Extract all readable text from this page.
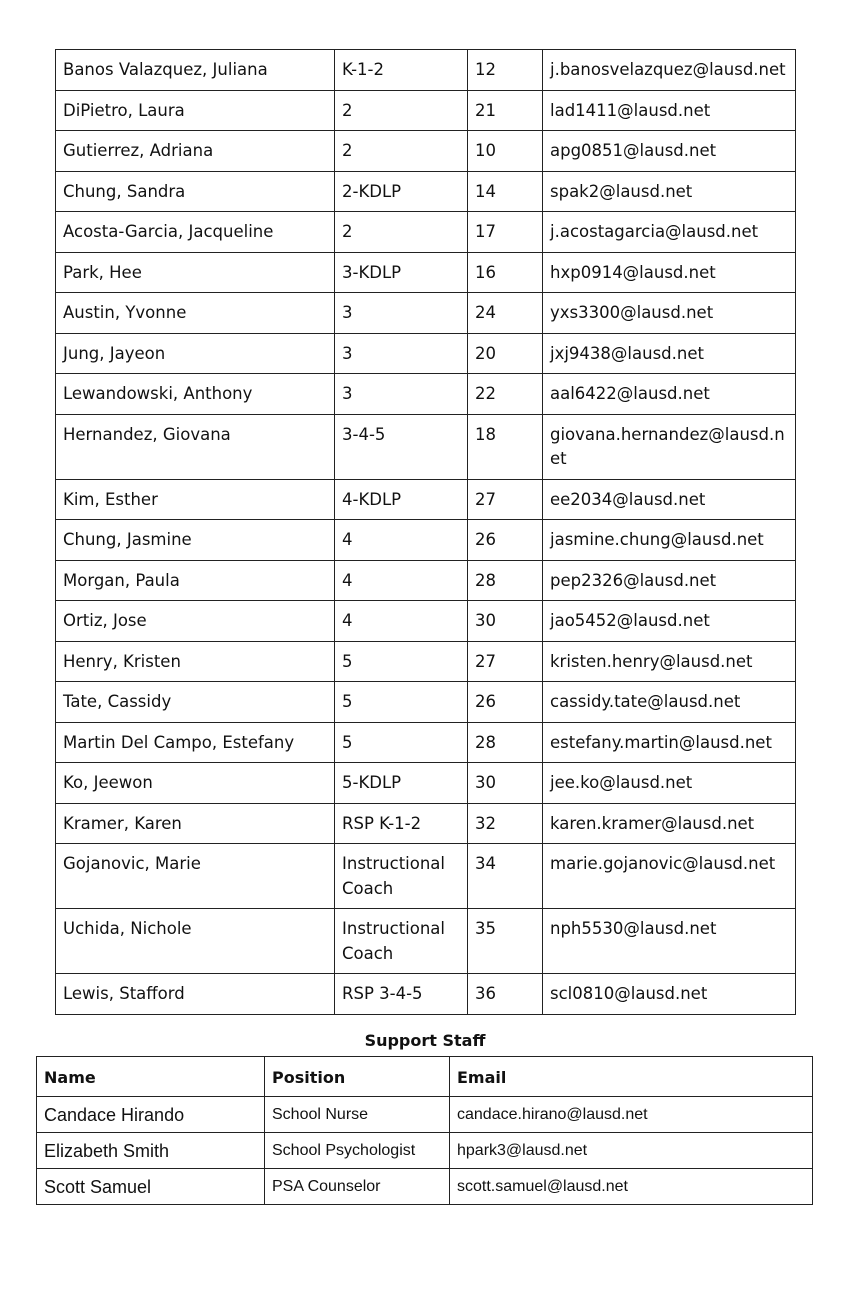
Banos Valazquez, Juliana	K-1-2	12	j.banosvelazquez@lausd.net
DiPietro, Laura	2	21	lad1411@lausd.net
Gutierrez, Adriana	2	10	apg0851@lausd.net
Chung, Sandra	2-KDLP	14	spak2@lausd.net
Acosta-Garcia, Jacqueline	2	17	j.acostagarcia@lausd.net
Park, Hee	3-KDLP	16	hxp0914@lausd.net
Austin, Yvonne	3	24	yxs3300@lausd.net
Jung, Jayeon	3	20	jxj9438@lausd.net
Lewandowski, Anthony	3	22	aal6422@lausd.net
Hernandez, Giovana	3-4-5	18	giovana.hernandez@lausd.net
Kim, Esther	4-KDLP	27	ee2034@lausd.net
Chung, Jasmine	4	26	jasmine.chung@lausd.net
Morgan, Paula	4	28	pep2326@lausd.net
Ortiz, Jose	4	30	jao5452@lausd.net
Henry, Kristen	5	27	kristen.henry@lausd.net
Tate, Cassidy	5	26	cassidy.tate@lausd.net
Martin Del Campo, Estefany	5	28	estefany.martin@lausd.net
Ko, Jeewon	5-KDLP	30	jee.ko@lausd.net
Kramer, Karen	RSP K-1-2	32	karen.kramer@lausd.net
Gojanovic, Marie	Instructional Coach	34	marie.gojanovic@lausd.net
Uchida, Nichole	Instructional Coach	35	nph5530@lausd.net
Lewis, Stafford	RSP 3-4-5	36	scl0810@lausd.net
Support Staff
Name	Position	Email
Candace Hirando	School Nurse	candace.hirano@lausd.net
Elizabeth Smith	School Psychologist	hpark3@lausd.net
Scott Samuel	PSA Counselor	scott.samuel@lausd.net
